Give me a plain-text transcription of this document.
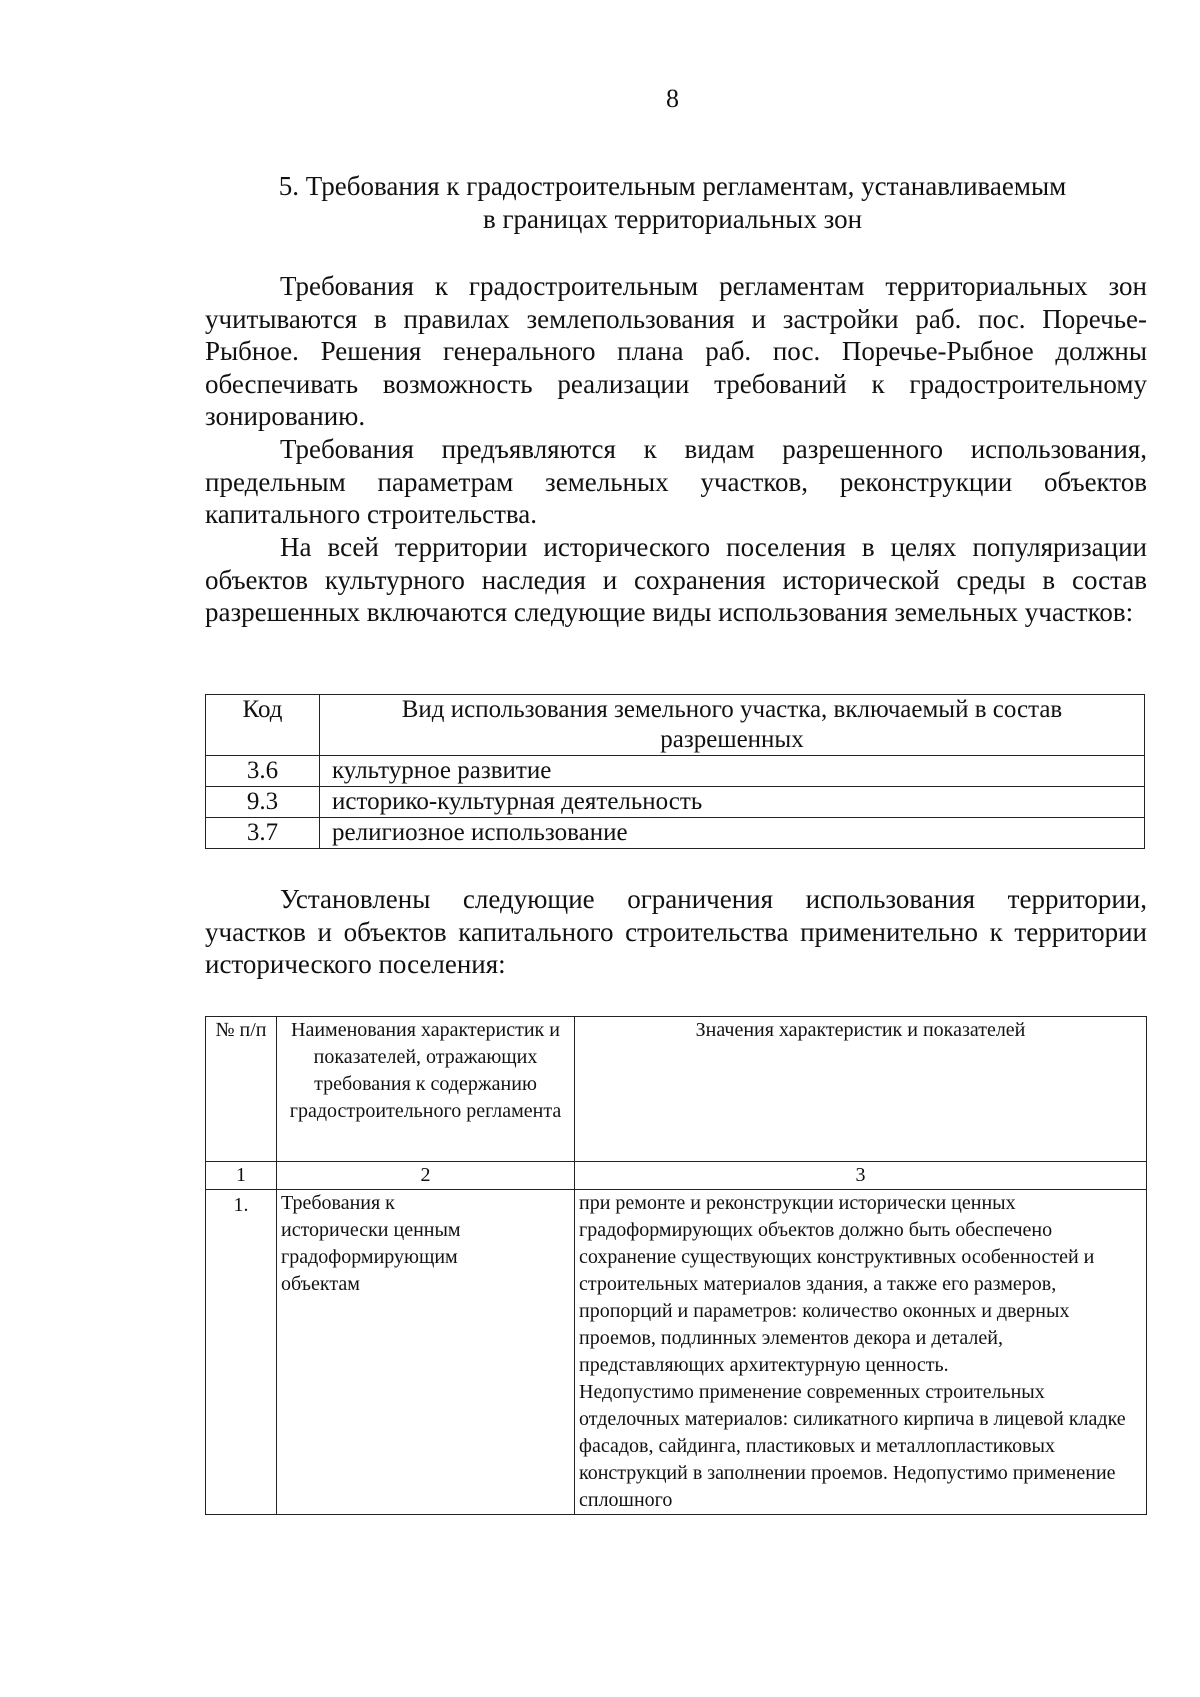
8
5. Требования к градостроительным регламентам, устанавливаемым
в границах территориальных зон
Требования к градостроительным регламентам территориальных зон учитываются в правилах землепользования и застройки раб. пос. Поречье-Рыбное. Решения генерального плана раб. пос. Поречье-Рыбное должны обеспечивать возможность реализации требований к градостроительному зонированию.
Требования предъявляются к видам разрешенного использования, предельным параметрам земельных участков, реконструкции объектов капитального строительства.
На всей территории исторического поселения в целях популяризации объектов культурного наследия и сохранения исторической среды в состав разрешенных включаются следующие виды использования земельных участков:
Код	Вид использования земельного участка, включаемый в состав разрешенных
3.6	культурное развитие
9.3	историко-культурная деятельность
3.7	религиозное использование
Установлены следующие ограничения использования территории, участков и объектов капитального строительства применительно к территории исторического поселения:
№ п/п	Наименования характеристик и показателей, отражающих требования к содержанию градостроительного регламента	Значения характеристик и показателей
1	2	3
1.	Требования к исторически ценным градоформирующим объектам	при ремонте и реконструкции исторически ценных градоформирующих объектов должно быть обеспечено сохранение существующих конструктивных особенностей и строительных материалов здания, а также его размеров, пропорций и параметров: количество оконных и дверных проемов, подлинных элементов декора и деталей, представляющих архитектурную ценность.
Недопустимо применение современных строительных отделочных материалов: силикатного кирпича в лицевой кладке фасадов, сайдинга, пластиковых и металлопластиковых конструкций в заполнении проемов. Недопустимо применение сплошного
